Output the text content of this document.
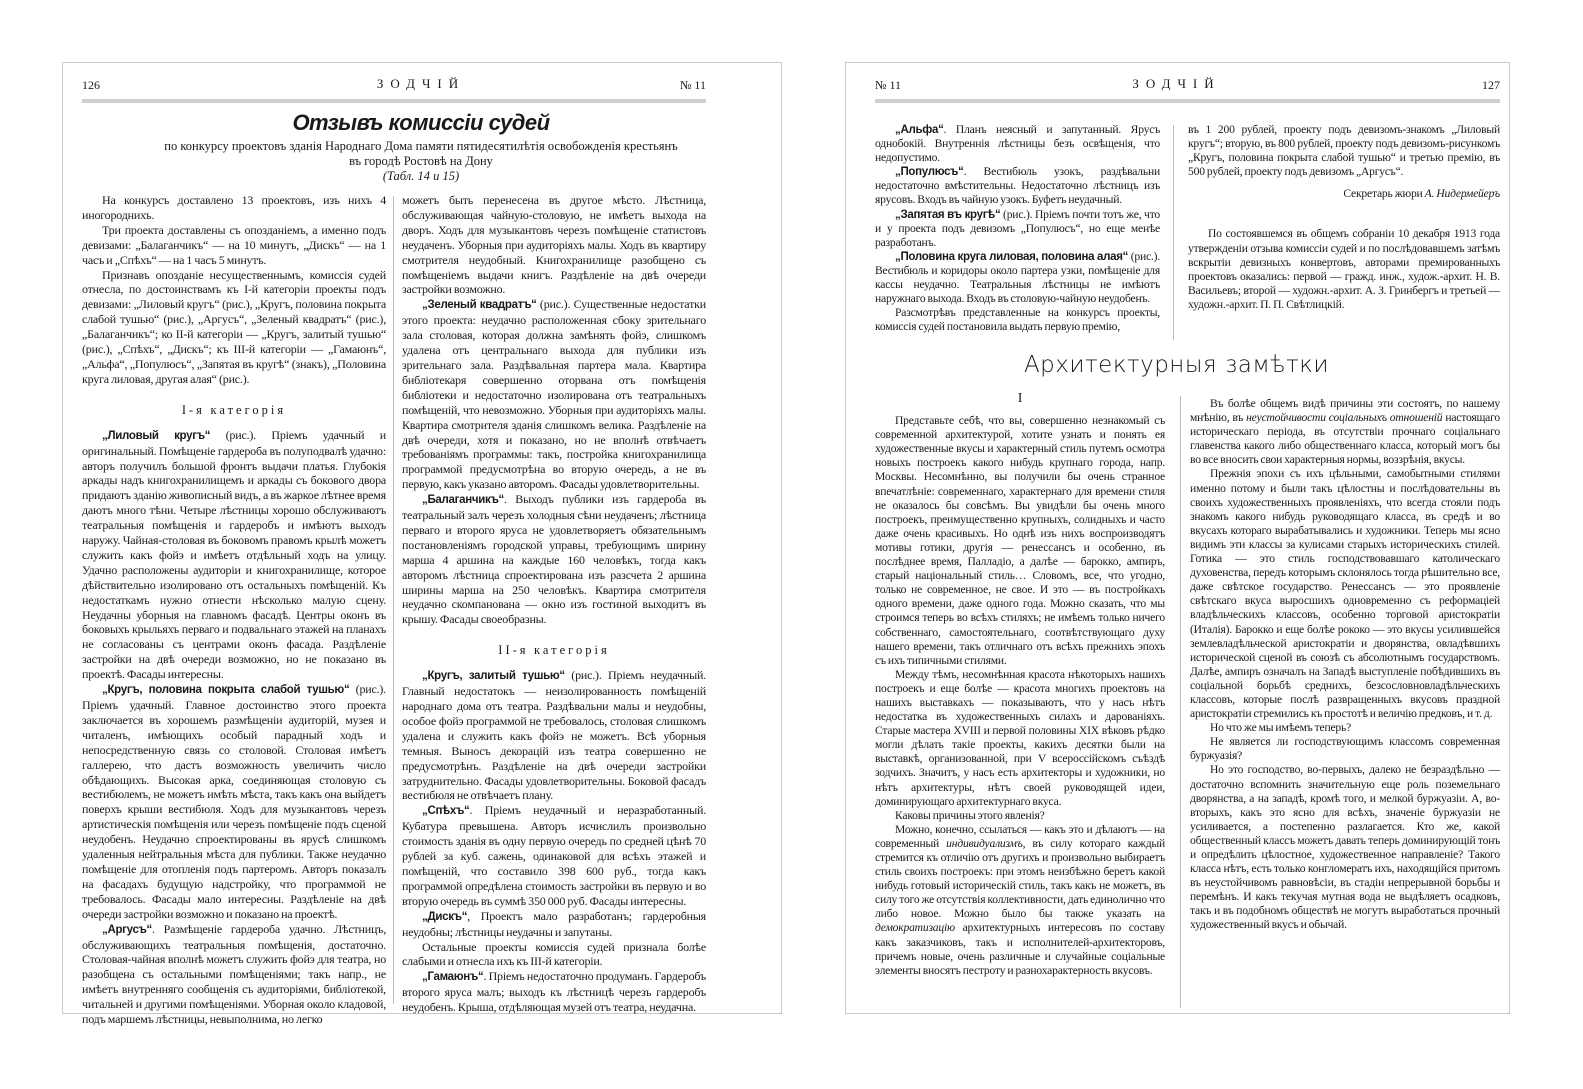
126	ЗОДЧІЙ	№ 11
Отзывъ комиссіи судей
по конкурсу проектовъ зданія Народнаго Дома памяти пятидесятилѣтія освобожденія крестьянъ
въ городѣ Ростовѣ на Дону
(Табл. 14 и 15)

На конкурсъ доставлено 13 проектовъ, изъ нихъ 4 иногороднихъ.

Три проекта доставлены съ опозданіемъ, а именно подъ девизами: „Балаганчикъ“ — на 10 минутъ, „Дискъ“ — на 1 часъ и „Спѣхъ“ — на 1 часъ 5 минутъ.

Признавъ опозданіе несущественнымъ, комиссія судей отнесла, по достоинствамъ къ I-й категоріи проекты подъ девизами: „Лиловый кругъ“ (рис.), „Кругъ, половина покрыта слабой тушью“ (рис.), „Аргусъ“, „Зеленый квадратъ“ (рис.), „Балаганчикъ“; ко II-й категоріи — „Кругъ, залитый тушью“ (рис.), „Спѣхъ“, „Дискъ“; къ III-й категоріи — „Гамаюнъ“, „Альфа“, „Популюсъ“, „Запятая въ кругѣ“ (знакъ), „Половина круга лиловая, другая алая“ (рис.).

I-я категорія

„Лиловый кругъ“ (рис.). Пріемъ удачный и оригинальный. Помѣщеніе гардероба въ полуподвалѣ удачно: авторъ получилъ большой фронтъ выдачи платья. Глубокія аркады надъ книгохранилищемъ и аркады съ бокового двора придаютъ зданію живописный видъ, а въ жаркое лѣтнее время даютъ много тѣни. Четыре лѣстницы хорошо обслуживаютъ театральныя помѣщенія и гардеробъ и имѣютъ выходъ наружу. Чайная-столовая въ боковомъ правомъ крылѣ можетъ служить какъ фойэ и имѣетъ отдѣльный ходъ на улицу. Удачно расположены аудиторіи и книгохранилище, которое дѣйствительно изолировано отъ остальныхъ помѣщеній. Къ недостаткамъ нужно отнести нѣсколько малую сцену. Неудачны уборныя на главномъ фасадѣ. Центры оконъ въ боковыхъ крыльяхъ перваго и подвальнаго этажей на планахъ не согласованы съ центрами оконъ фасада. Раздѣленіе застройки на двѣ очереди возможно, но не показано въ проектѣ. Фасады интересны.

„Кругъ, половина покрыта слабой тушью“ (рис.). Пріемъ удачный. Главное достоинство этого проекта заключается въ хорошемъ размѣщеніи аудиторій, музея и читаленъ, имѣющихъ особый парадный ходъ и непосредственную связь со столовой. Столовая имѣетъ галлерею, что дастъ возможность увеличить число обѣдающихъ. Высокая арка, соединяющая столовую съ вестибюлемъ, не можетъ имѣть мѣста, такъ какъ она выйдетъ поверхъ крыши вестибюля. Ходъ для музыкантовъ черезъ артистическія помѣщенія или черезъ помѣщеніе подъ сценой неудобенъ. Неудачно спроектированы въ ярусѣ слишкомъ удаленныя нейтральныя мѣста для публики. Также неудачно помѣщеніе для отопленія подъ партеромъ. Авторъ показалъ на фасадахъ будущую надстройку, что программой не требовалось. Фасады мало интересны. Раздѣленіе на двѣ очереди застройки возможно и показано на проектѣ.

„Аргусъ“. Размѣщеніе гардероба удачно. Лѣстницъ, обслуживающихъ театральныя помѣщенія, достаточно. Столовая-чайная вполнѣ можетъ служить фойэ для театра, но разобщена съ остальными помѣщеніями; такъ напр., не имѣетъ внутренняго сообщенія съ аудиторіями, библіотекой, читальней и другими помѣщеніями. Уборная около кладовой, подъ маршемъ лѣстницы, невыполнима, но легко

можетъ быть перенесена въ другое мѣсто. Лѣстница, обслуживающая чайную-столовую, не имѣетъ выхода на дворъ. Ходъ для музыкантовъ черезъ помѣщеніе статистовъ неудаченъ. Уборныя при аудиторіяхъ малы. Ходъ въ квартиру смотрителя неудобный. Книгохранилище разобщено съ помѣщеніемъ выдачи книгъ. Раздѣленіе на двѣ очереди застройки возможно.

„Зеленый квадратъ“ (рис.). Существенные недостатки этого проекта: неудачно расположенная сбоку зрительнаго зала столовая, которая должна замѣнять фойэ, слишкомъ удалена отъ центральнаго выхода для публики изъ зрительнаго зала. Раздѣвальная партера мала. Квартира библіотекаря совершенно оторвана отъ помѣщенія библіотеки и недостаточно изолирована отъ театральныхъ помѣщеній, что невозможно. Уборныя при аудиторіяхъ малы. Квартира смотрителя зданія слишкомъ велика. Раздѣленіе на двѣ очереди, хотя и показано, но не вполнѣ отвѣчаетъ требованіямъ программы: такъ, постройка книгохранилища программой предусмотрѣна во вторую очередь, а не въ первую, какъ указано авторомъ. Фасады удовлетворительны.

„Балаганчикъ“. Выходъ публики изъ гардероба въ театральный залъ черезъ холодныя сѣни неудаченъ; лѣстница перваго и второго яруса не удовлетворяетъ обязательнымъ постановленіямъ городской управы, требующимъ ширину марша 4 аршина на каждые 160 человѣкъ, тогда какъ авторомъ лѣстница спроектирована изъ разсчета 2 аршина ширины марша на 250 человѣкъ. Квартира смотрителя неудачно скомпанована — окно изъ гостиной выходитъ въ крышу. Фасады своеобразны.

II-я категорія

„Кругъ, залитый тушью“ (рис.). Пріемъ неудачный. Главный недостатокъ — неизолированность помѣщеній народнаго дома отъ театра. Раздѣвальни малы и неудобны, особое фойэ программой не требовалось, столовая слишкомъ удалена и служить какъ фойэ не можетъ. Всѣ уборныя темныя. Выносъ декорацій изъ театра совершенно не предусмотрѣнъ. Раздѣленіе на двѣ очереди застройки затруднительно. Фасады удовлетворительны. Боковой фасадъ вестибюля не отвѣчаетъ плану.

„Спѣхъ“. Пріемъ неудачный и неразработанный. Кубатура превышена. Авторъ исчислилъ произвольно стоимость зданія въ одну первую очередь по средней цѣнѣ 70 рублей за куб. сажень, одинаковой для всѣхъ этажей и помѣщеній, что составило 398 600 руб., тогда какъ программой опредѣлена стоимость застройки въ первую и во вторую очередь въ суммѣ 350 000 руб. Фасады интересны.

„Дискъ“, Проектъ мало разработанъ; гардеробныя неудобны; лѣстницы неудачны и запутаны.

Остальные проекты комиссія судей признала болѣе слабыми и отнесла ихъ къ III-й категоріи.

„Гамаюнъ“. Пріемъ недостаточно продуманъ. Гардеробъ второго яруса малъ; выходъ къ лѣстницѣ черезъ гардеробъ неудобенъ. Крыша, отдѣляющая музей отъ театра, неудачна.

№ 11	ЗОДЧІЙ	127

„Альфа“. Планъ неясный и запутанный. Ярусъ однобокій. Внутреннія лѣстницы безъ освѣщенія, что недопустимо.

„Популюсъ“. Вестибюль узокъ, раздѣвальни недостаточно вмѣстительны. Недостаточно лѣстницъ изъ ярусовъ. Входъ въ чайную узокъ. Буфетъ неудачный.

„Запятая въ кругѣ“ (рис.). Пріемъ почти тотъ же, что и у проекта подъ девизомъ „Популюсъ“, но еще менѣе разработанъ.

„Половина круга лиловая, половина алая“ (рис.). Вестибюль и коридоры около партера узки, помѣщеніе для кассы неудачно. Театральныя лѣстницы не имѣютъ наружнаго выхода. Входъ въ столовую-чайную неудобенъ.

Разсмотрѣвъ представленные на конкурсъ проекты, комиссія судей постановила выдать первую премію,

въ 1 200 рублей, проекту подъ девизомъ-знакомъ „Лиловый кругъ“; вторую, въ 800 рублей, проекту подъ девизомъ-рисункомъ „Кругъ, половина покрыта слабой тушью“ и третью премію, въ 500 рублей, проекту подъ девизомъ „Аргусъ“.

Секретарь жюри А. Нидермейеръ

По состоявшемся въ общемъ собраніи 10 декабря 1913 года утвержденіи отзыва комиссіи судей и по послѣдовавшемъ затѣмъ вскрытіи девизныхъ конвертовъ, авторами премированныхъ проектовъ оказались: первой — гражд. инж., худож.-архит. Н. В. Васильевъ; второй — художн.-архит. А. З. Гринбергъ и третьей — художн.-архит. П. П. Свѣтлицкій.

Архитектурныя замѣтки
I

Представьте себѣ, что вы, совершенно незнакомый съ современной архитектурой, хотите узнать и понять ея художественные вкусы и характерный стиль путемъ осмотра новыхъ построекъ какого нибудь крупнаго города, напр. Москвы. Несомнѣнно, вы получили бы очень странное впечатлѣніе: современнаго, характернаго для времени стиля не оказалось бы совсѣмъ. Вы увидѣли бы очень много построекъ, преимущественно крупныхъ, солидныхъ и часто даже очень красивыхъ. Но однѣ изъ нихъ воспроизводятъ мотивы готики, другія — ренессансъ и особенно, въ послѣднее время, Палладіо, а далѣе — барокко, ампиръ, старый національный стиль… Словомъ, все, что угодно, только не современное, не свое. И это — въ постройкахъ одного времени, даже одного года. Можно сказать, что мы строимся теперь во всѣхъ стиляхъ; не имѣемъ только ничего собственнаго, самостоятельнаго, соотвѣтствующаго духу нашего времени, такъ отличнаго отъ всѣхъ прежнихъ эпохъ съ ихъ типичными стилями.

Между тѣмъ, несомнѣнная красота нѣкоторыхъ нашихъ построекъ и еще болѣе — красота многихъ проектовъ на нашихъ выставкахъ — показываютъ, что у насъ нѣтъ недостатка въ художественныхъ силахъ и дарованіяхъ. Старые мастера XVIII и первой половины XIX вѣковъ рѣдко могли дѣлать такіе проекты, какихъ десятки были на выставкѣ, организованной, при V всероссійскомъ съѣздѣ зодчихъ. Значитъ, у насъ есть архитекторы и художники, но нѣтъ архитектуры, нѣтъ своей руководящей идеи, доминирующаго архитектурнаго вкуса.

Каковы причины этого явленія?

Можно, конечно, ссылаться — какъ это и дѣлаютъ — на современный индивидуализмъ, въ силу котораго каждый стремится къ отличію отъ другихъ и произвольно выбираетъ стиль своихъ построекъ: при этомъ неизбѣжно беретъ какой нибудь готовый историческій стиль, такъ какъ не можетъ, въ силу того же отсутствія коллективности, дать единолично что либо новое. Можно было бы также указать на демократизацію архитектурныхъ интересовъ по составу какъ заказчиковъ, такъ и исполнителей-архитекторовъ, причемъ новые, очень различные и случайные соціальные элементы вносятъ пестроту и разнохарактерность вкусовъ.

Въ болѣе общемъ видѣ причины эти состоятъ, по нашему мнѣнію, въ неустойчивости соціальныхъ отношеній настоящаго историческаго періода, въ отсутствіи прочнаго соціальнаго главенства какого либо общественнаго класса, который могъ бы во все вносить свои характерныя нормы, воззрѣнія, вкусы.

Прежнія эпохи съ ихъ цѣльными, самобытными стилями именно потому и были такъ цѣлостны и послѣдовательны въ своихъ художественныхъ проявленіяхъ, что всегда стояли подъ знакомъ какого нибудь руководящаго класса, въ средѣ и во вкусахъ котораго вырабатывались и художники. Теперь мы ясно видимъ эти классы за кулисами старыхъ историческихъ стилей. Готика — это стиль господствовавшаго католическаго духовенства, передъ которымъ склонялось тогда рѣшительно все, даже свѣтское государство. Ренессансъ — это проявленіе свѣтскаго вкуса выросшихъ одновременно съ реформаціей владѣльческихъ классовъ, особенно торговой аристократіи (Италія). Барокко и еще болѣе рококо — это вкусы усилившейся землевладѣльческой аристократіи и дворянства, овладѣвшихъ исторической сценой въ союзѣ съ абсолютнымъ государствомъ. Далѣе, ампиръ означалъ на Западѣ выступленіе побѣдившихъ въ соціальной борьбѣ среднихъ, безсословновладѣльческихъ классовъ, которые послѣ развращенныхъ вкусовъ праздной аристократіи стремились къ простотѣ и величію предковъ, и т. д.

Но что же мы имѣемъ теперь?

Не является ли господствующимъ классомъ современная буржуазія?

Но это господство, во-первыхъ, далеко не безраздѣльно — достаточно вспомнить значительную еще роль поземельнаго дворянства, а на западѣ, кромѣ того, и мелкой буржуазіи. А, во-вторыхъ, какъ это ясно для всѣхъ, значеніе буржуазіи не усиливается, а постепенно разлагается. Кто же, какой общественный классъ можетъ давать теперь доминирующій тонъ и опредѣлить цѣлостное, художественное направленіе? Такого класса нѣтъ, есть только конгломератъ ихъ, находящійся притомъ въ неустойчивомъ равновѣсіи, въ стадіи непрерывной борьбы и перемѣнъ. И какъ текучая мутная вода не выдѣляетъ осадковъ, такъ и въ подобномъ обществѣ не могутъ выработаться прочный художественный вкусъ и обычай.
